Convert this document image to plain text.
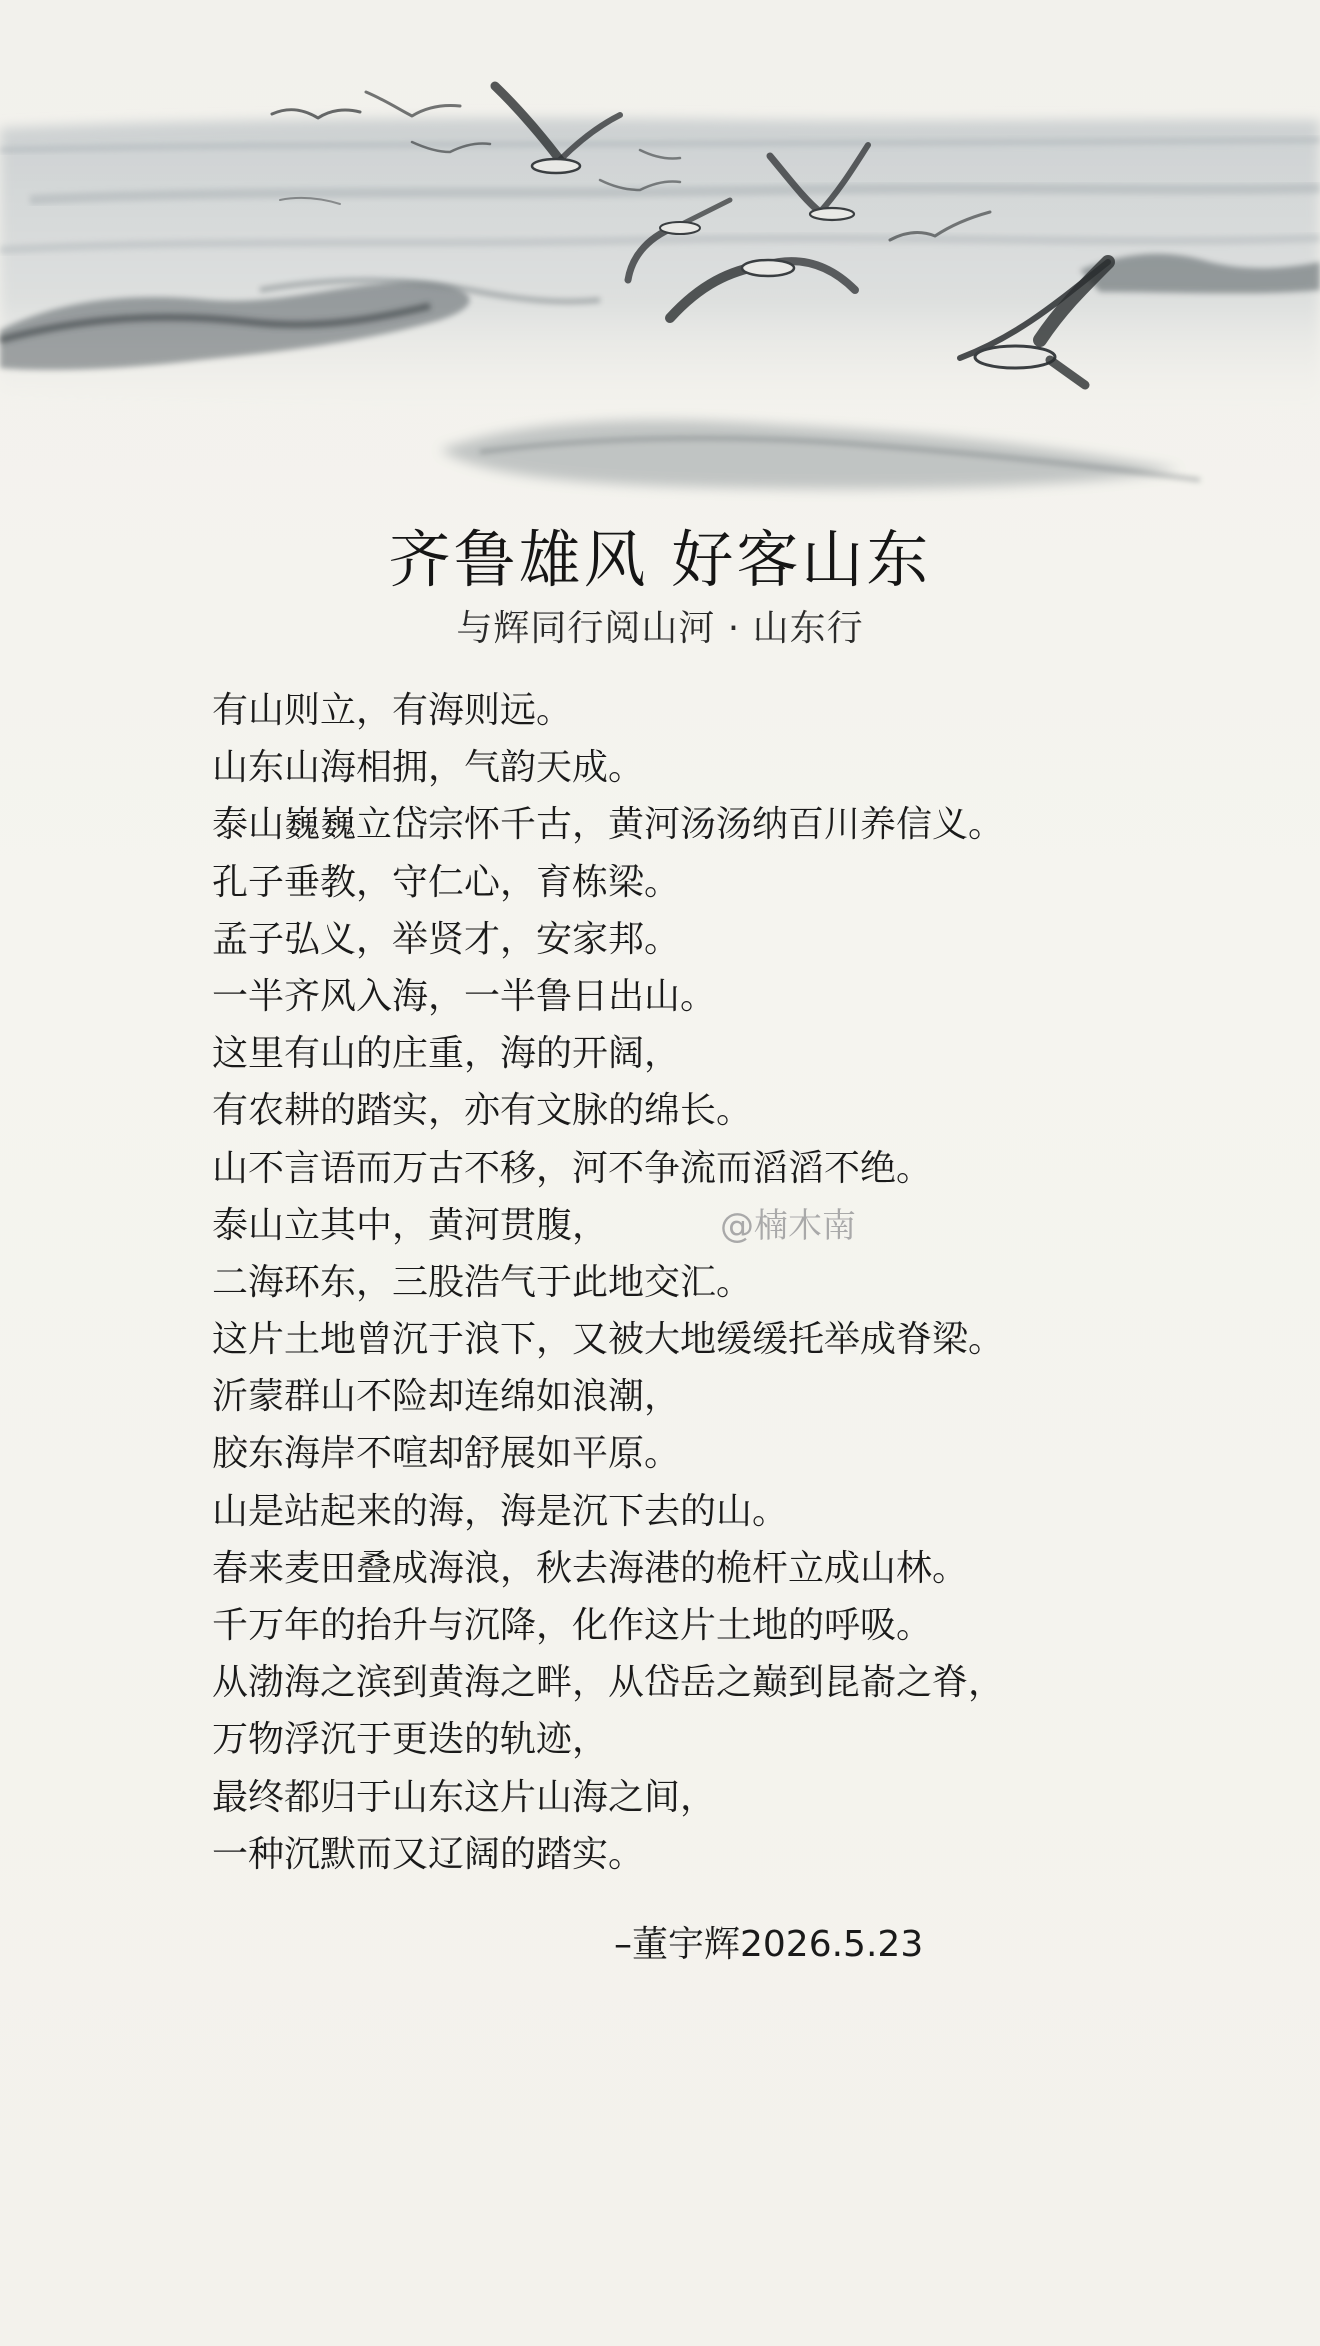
齐鲁雄风 好客山东
与辉同行阅山河 · 山东行
有山则立，有海则远。
山东山海相拥，气韵天成。
泰山巍巍立岱宗怀千古，黄河汤汤纳百川养信义。
孔子垂教，守仁心，育栋梁。
孟子弘义，举贤才，安家邦。
一半齐风入海，一半鲁日出山。
这里有山的庄重，海的开阔，
有农耕的踏实，亦有文脉的绵长。
山不言语而万古不移，河不争流而滔滔不绝。
泰山立其中，黄河贯腹，
二海环东，三股浩气于此地交汇。
这片土地曾沉于浪下，又被大地缓缓托举成脊梁。
沂蒙群山不险却连绵如浪潮，
胶东海岸不喧却舒展如平原。
山是站起来的海，海是沉下去的山。
春来麦田叠成海浪，秋去海港的桅杆立成山林。
千万年的抬升与沉降，化作这片土地的呼吸。
从渤海之滨到黄海之畔，从岱岳之巅到昆嵛之脊，
万物浮沉于更迭的轨迹，
最终都归于山东这片山海之间，
一种沉默而又辽阔的踏实。
@楠木南
–董宇辉2026.5.23
